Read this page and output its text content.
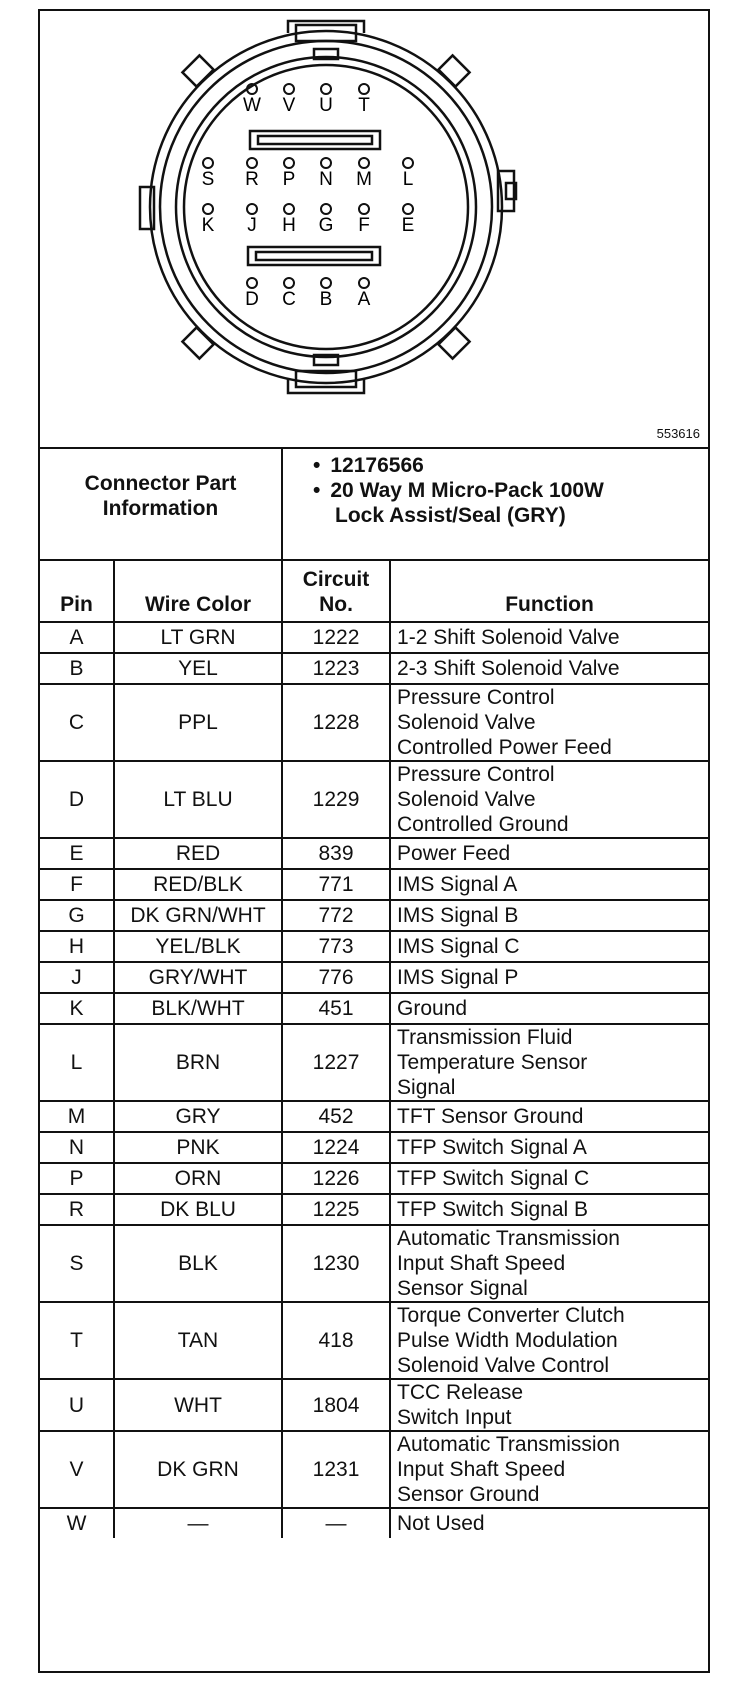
W V U T
S R P N M L
K J H G F E
D C B A
553616
Connector Part Information		• 12176566
• 20 Way M Micro-Pack 100W
Lock Assist/Seal (GRY)	

Pin	Wire Color	Circuit
No.	Function
A	LT GRN	1222	1-2 Shift Solenoid Valve

B	YEL	1223	2-3 Shift Solenoid Valve

C	PPL	1228	Pressure Control
Solenoid Valve
Controlled Power Feed

D	LT BLU	1229	Pressure Control
Solenoid Valve
Controlled Ground

E	RED	839	Power Feed

F	RED/BLK	771	IMS Signal A

G	DK GRN/WHT	772	IMS Signal B

H	YEL/BLK	773	IMS Signal C

J	GRY/WHT	776	IMS Signal P

K	BLK/WHT	451	Ground

L	BRN	1227	Transmission Fluid
Temperature Sensor
Signal

M	GRY	452	TFT Sensor Ground

N	PNK	1224	TFP Switch Signal A

P	ORN	1226	TFP Switch Signal C

R	DK BLU	1225	TFP Switch Signal B

S	BLK	1230	Automatic Transmission
Input Shaft Speed
Sensor Signal

T	TAN	418	Torque Converter Clutch
Pulse Width Modulation
Solenoid Valve Control

U	WHT	1804	TCC Release
Switch Input

V	DK GRN	1231	Automatic Transmission
Input Shaft Speed
Sensor Ground

W	—	—	Not Used
